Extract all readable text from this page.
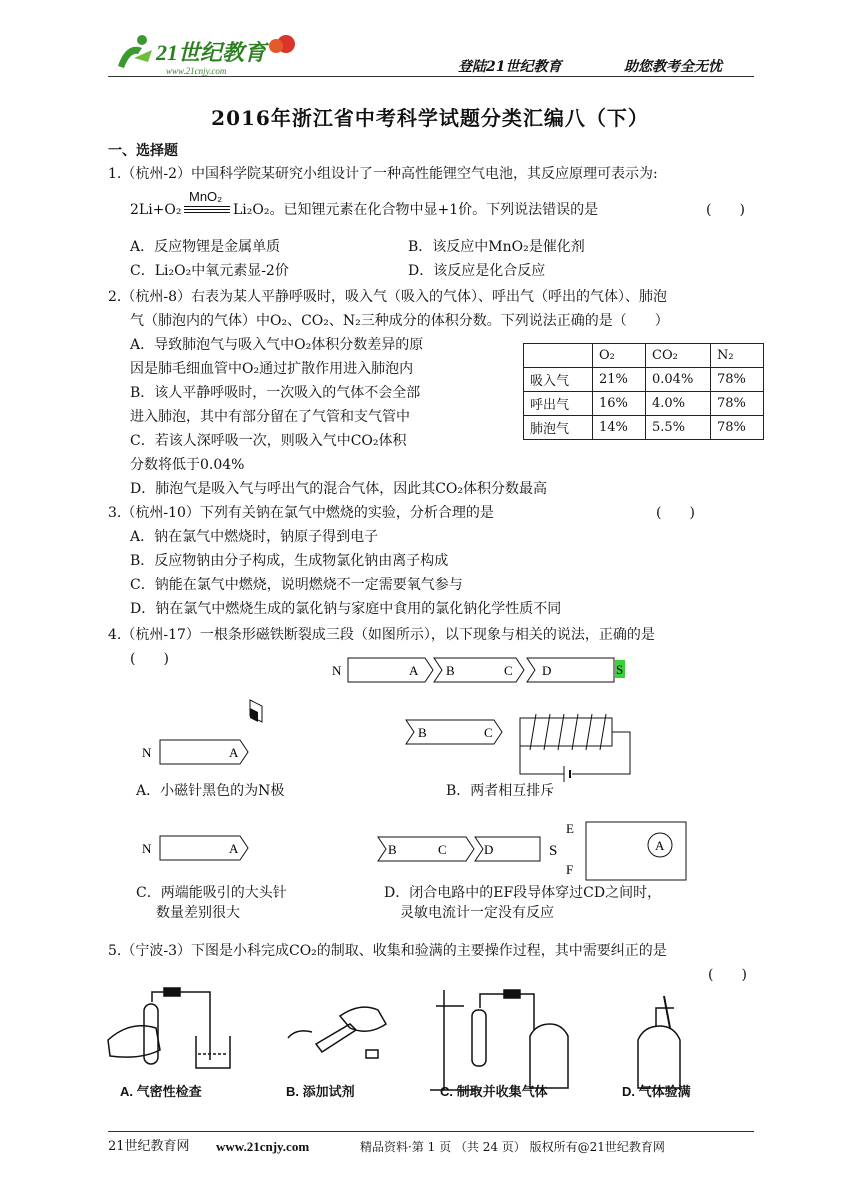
21世纪教育
www.21cnjy.com	登陆21世纪教育	助您教考全无忧
2016年浙江省中考科学试题分类汇编八（下）
一、选择题
1.（杭州-2）中国科学院某研究小组设计了一种高性能锂空气电池，其反应原理可表示为:
2Li+O₂
MnO₂
Li₂O₂。已知锂元素在化合物中显+1价。下列说法错误的是	(　　)
A．反应物锂是金属单质	B．该反应中MnO₂是催化剂
C．Li₂O₂中氧元素显-2价	D．该反应是化合反应
2.（杭州-8）右表为某人平静呼吸时，吸入气（吸入的气体）、呼出气（呼出的气体）、肺泡
气（肺泡内的气体）中O₂、CO₂、N₂三种成分的体积分数。下列说法正确的是（　　）
A．导致肺泡气与吸入气中O₂体积分数差异的原
因是肺毛细血管中O₂通过扩散作用进入肺泡内
B．该人平静呼吸时，一次吸入的气体不会全部
进入肺泡，其中有部分留在了气管和支气管中
C．若该人深呼吸一次，则吸入气中CO₂体积
分数将低于0.04%
D．肺泡气是吸入气与呼出气的混合气体，因此其CO₂体积分数最高
	O₂	CO₂	N₂
吸入气	21%	0.04%	78%
呼出气	16%	4.0%	78%
肺泡气	14%	5.5%	78%
3.（杭州-10）下列有关钠在氯气中燃烧的实验，分析合理的是	(　　)
A．钠在氯气中燃烧时，钠原子得到电子
B．反应物钠由分子构成，生成物氯化钠由离子构成
C．钠能在氯气中燃烧，说明燃烧不一定需要氧气参与
D．钠在氯气中燃烧生成的氯化钠与家庭中食用的氯化钠化学性质不同
4.（杭州-17）一根条形磁铁断裂成三段（如图所示），以下现象与相关的说法，正确的是
(　　)
N	A B	C D	S
N	A
B	C
N	A	B	C	D	S
E
F
A
A．小磁针黑色的为N极	B．两者相互排斥
C．两端能吸引的大头针
数量差别很大
D．闭合电路中的EF段导体穿过CD之间时，
灵敏电流计一定没有反应
5.（宁波-3）下图是小科完成CO₂的制取、收集和验满的主要操作过程，其中需要纠正的是
(　　)
A. 气密性检查	B. 添加试剂	C. 制取并收集气体	D. 气体验满
21世纪教育网 www.21cnjy.com	精品资料·第 1 页 （共 24 页） 版权所有@21世纪教育网
